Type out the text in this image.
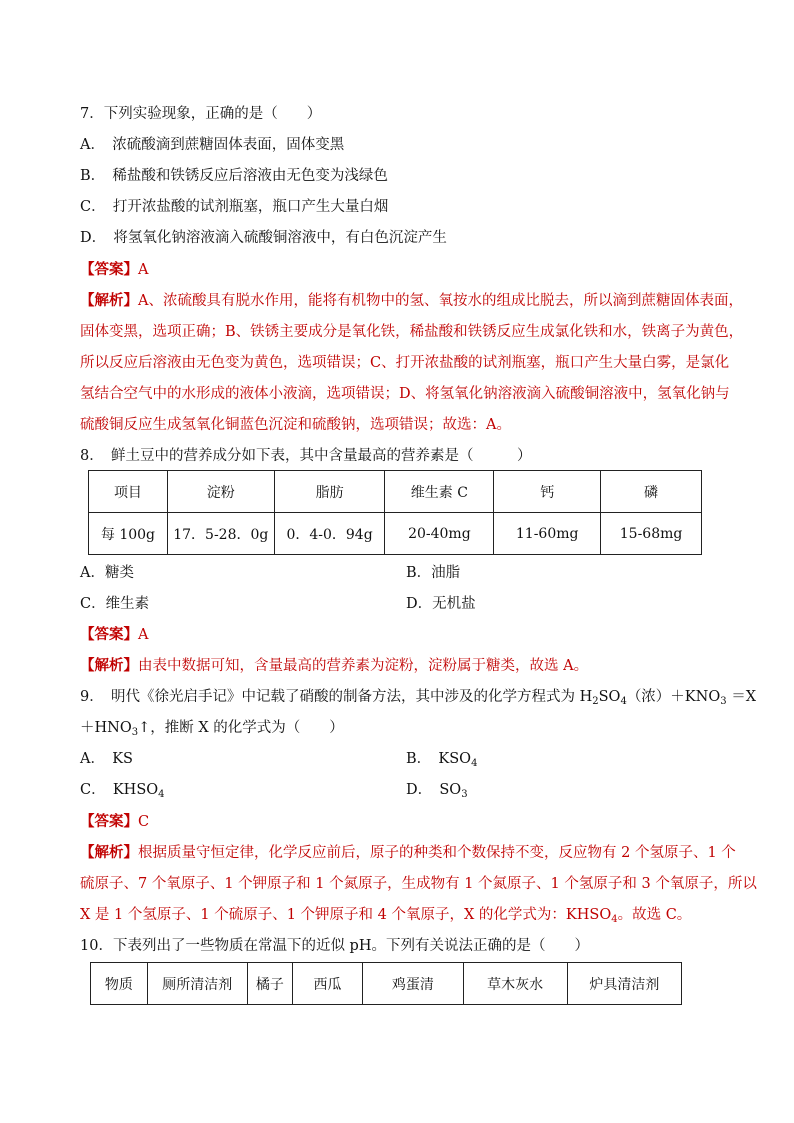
7．下列实验现象，正确的是（　　）
A．　浓硫酸滴到蔗糖固体表面，固体变黑
B．　稀盐酸和铁锈反应后溶液由无色变为浅绿色
C．　打开浓盐酸的试剂瓶塞，瓶口产生大量白烟
D．　将氢氧化钠溶液滴入硫酸铜溶液中，有白色沉淀产生
【答案】A
【解析】A、浓硫酸具有脱水作用，能将有机物中的氢、氧按水的组成比脱去，所以滴到蔗糖固体表面，
固体变黑，选项正确；B、铁锈主要成分是氧化铁，稀盐酸和铁锈反应生成氯化铁和水，铁离子为黄色，
所以反应后溶液由无色变为黄色，选项错误；C、打开浓盐酸的试剂瓶塞，瓶口产生大量白雾，是氯化
氢结合空气中的水形成的液体小液滴，选项错误；D、将氢氧化钠溶液滴入硫酸铜溶液中，氢氧化钠与
硫酸铜反应生成氢氧化铜蓝色沉淀和硫酸钠，选项错误；故选：A。
8．　鲜土豆中的营养成分如下表，其中含量最高的营养素是（　　　）
项目	淀粉	脂肪	维生素 C	钙	磷
每 100g	17．5-28．0g	0．4-0．94g	20-40mg	11-60mg	15-68mg
A．糖类	B．油脂
C．维生素	D．无机盐
【答案】A
【解析】由表中数据可知，含量最高的营养素为淀粉，淀粉属于糖类，故选 A。
9．　明代《徐光启手记》中记载了硝酸的制备方法，其中涉及的化学方程式为 $H_2SO_4$（浓）$+KNO_3 =X$
$+HNO_3↑$，推断 X 的化学式为（　　）
A．　KS	B．　$KSO_4$
C．　$KHSO_4$	D．　$SO_3$
【答案】C
【解析】根据质量守恒定律，化学反应前后，原子的种类和个数保持不变，反应物有 2 个氢原子、1 个
硫原子、7 个氧原子、1 个钾原子和 1 个氮原子，生成物有 1 个氮原子、1 个氢原子和 3 个氧原子，所以
X 是 1 个氢原子、1 个硫原子、1 个钾原子和 4 个氧原子，X 的化学式为：$KHSO_4$。故选 C。
10．下表列出了一些物质在常温下的近似 pH。下列有关说法正确的是（　　）
物质	厕所清洁剂	橘子	西瓜	鸡蛋清	草木灰水	炉具清洁剂
